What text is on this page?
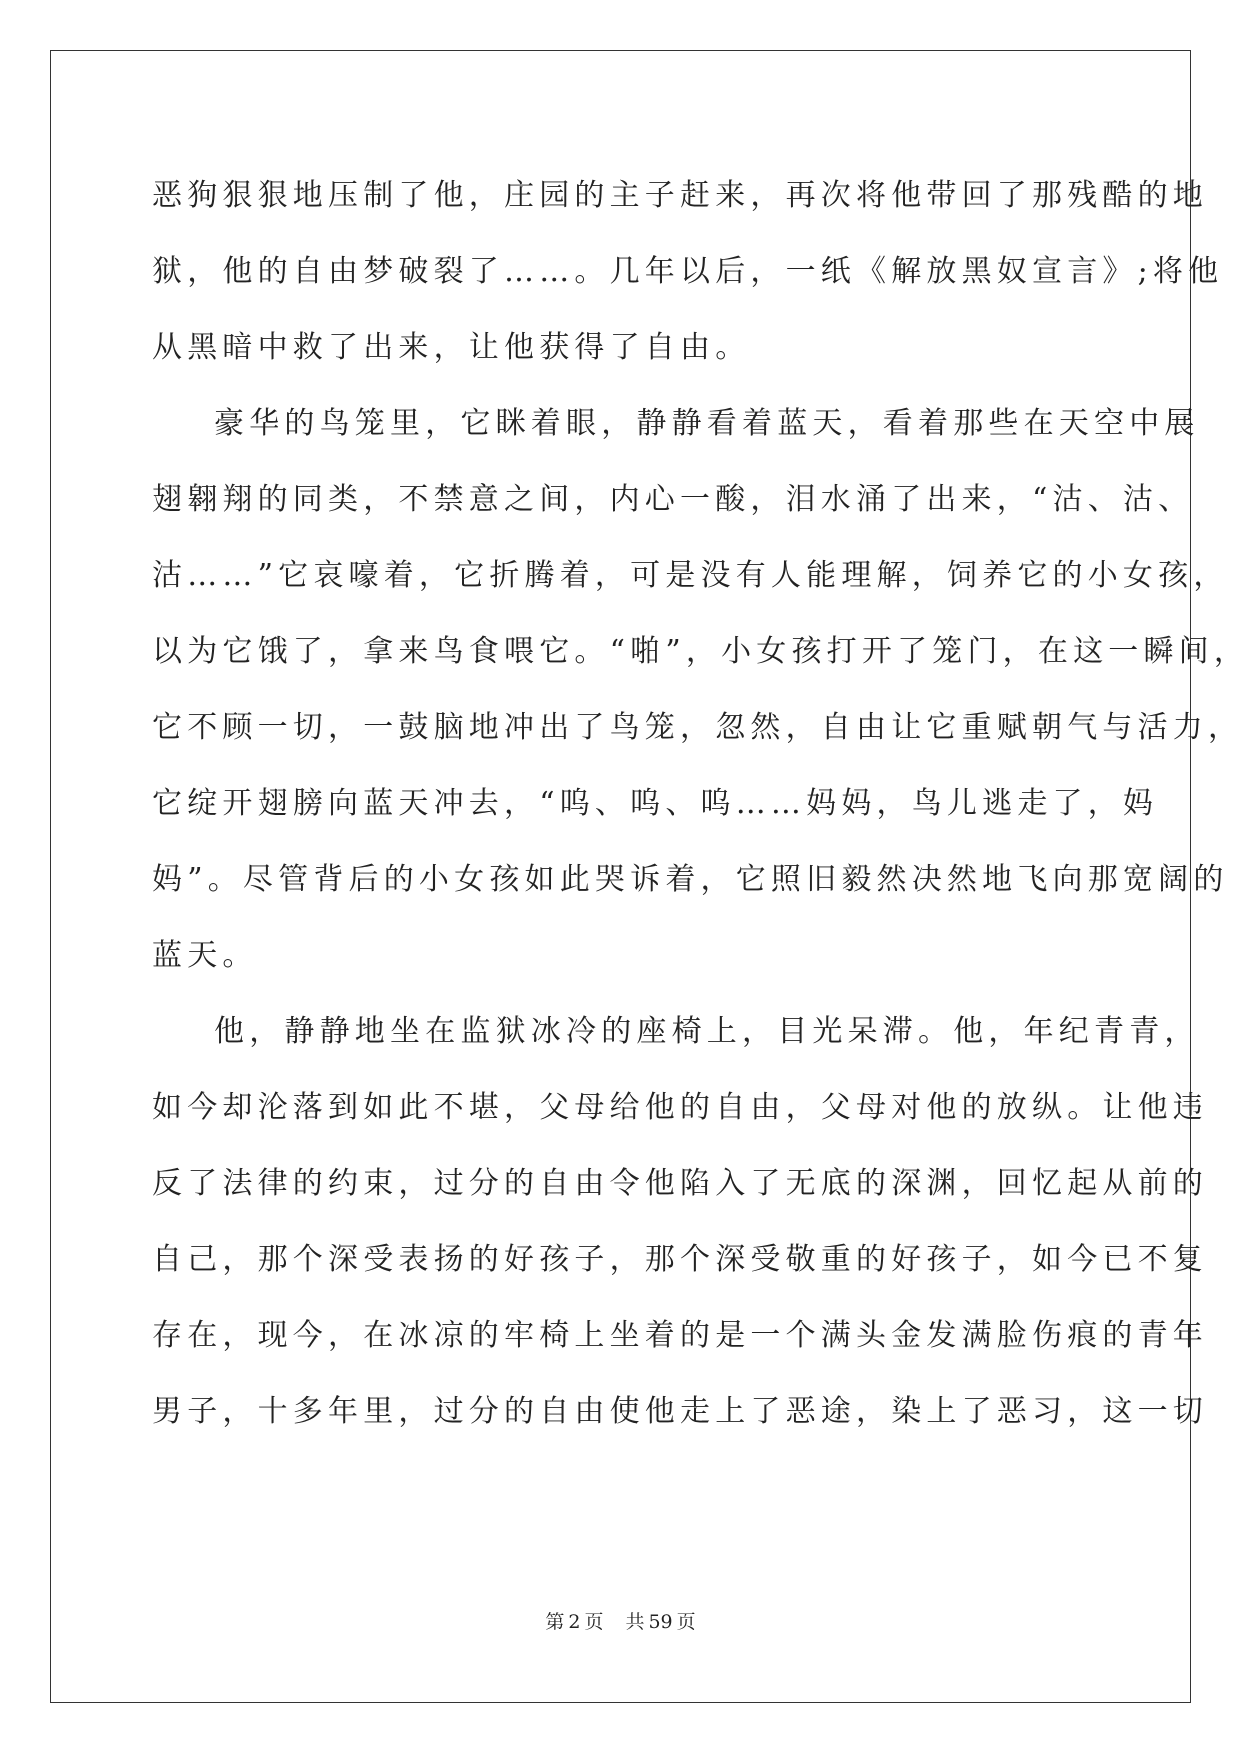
恶狗狠狠地压制了他，庄园的主子赶来，再次将他带回了那残酷的地
狱，他的自由梦破裂了……。几年以后，一纸《解放黑奴宣言》;将他
从黑暗中救了出来，让他获得了自由。
豪华的鸟笼里，它眯着眼，静静看着蓝天，看着那些在天空中展
翅翱翔的同类，不禁意之间，内心一酸，泪水涌了出来，“沽、沽、
沽……”它哀嚎着，它折腾着，可是没有人能理解，饲养它的小女孩，
以为它饿了，拿来鸟食喂它。“啪”，小女孩打开了笼门，在这一瞬间，
它不顾一切，一鼓脑地冲出了鸟笼，忽然，自由让它重赋朝气与活力，
它绽开翅膀向蓝天冲去，“呜、呜、呜……妈妈，鸟儿逃走了，妈
妈”。尽管背后的小女孩如此哭诉着，它照旧毅然决然地飞向那宽阔的
蓝天。
他，静静地坐在监狱冰冷的座椅上，目光呆滞。他，年纪青青，
如今却沦落到如此不堪，父母给他的自由，父母对他的放纵。让他违
反了法律的约束，过分的自由令他陷入了无底的深渊，回忆起从前的
自己，那个深受表扬的好孩子，那个深受敬重的好孩子，如今已不复
存在，现今，在冰凉的牢椅上坐着的是一个满头金发满脸伤痕的青年
男子，十多年里，过分的自由使他走上了恶途，染上了恶习，这一切
第 2 页 共 59 页
